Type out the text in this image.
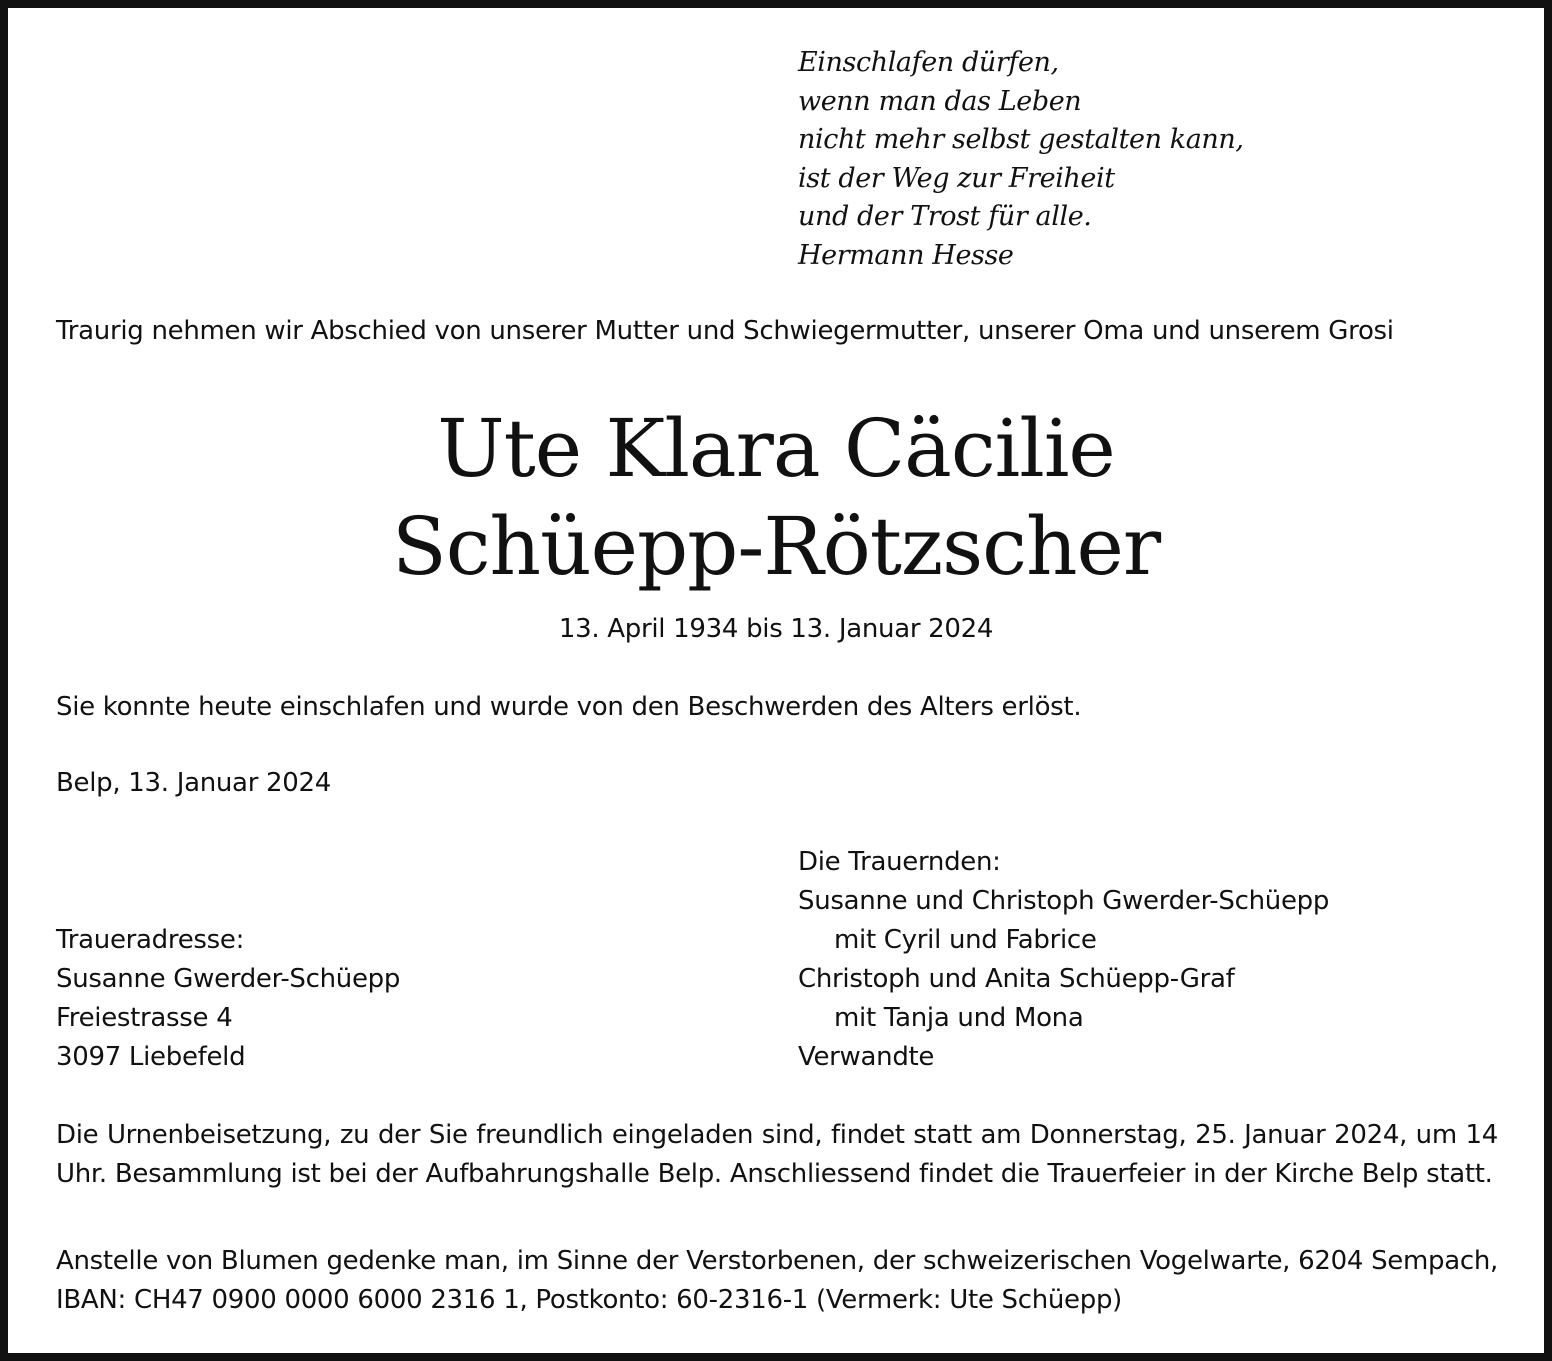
Einschlafen dürfen,
wenn man das Leben
nicht mehr selbst gestalten kann,
ist der Weg zur Freiheit
und der Trost für alle.
Hermann Hesse
Traurig nehmen wir Abschied von unserer Mutter und Schwiegermutter, unserer Oma und unserem Grosi
Ute Klara Cäcilie
Schüepp-Rötzscher
13. April 1934 bis 13. Januar 2024
Sie konnte heute einschlafen und wurde von den Beschwerden des Alters erlöst.
Belp, 13. Januar 2024
Traueradresse:
Susanne Gwerder-Schüepp
Freiestrasse 4
3097 Liebefeld
Die Trauernden:
Susanne und Christoph Gwerder-Schüepp
mit Cyril und Fabrice
Christoph und Anita Schüepp-Graf
mit Tanja und Mona
Verwandte
Die Urnenbeisetzung, zu der Sie freundlich eingeladen sind, findet statt am Donnerstag, 25. Januar 2024, um 14 Uhr. Besammlung ist bei der Aufbahrungshalle Belp. Anschliessend findet die Trauerfeier in der Kirche Belp statt.
Anstelle von Blumen gedenke man, im Sinne der Verstorbenen, der schweizerischen Vogelwarte, 6204 Sempach, IBAN: CH47 0900 0000 6000 2316 1, Postkonto: 60-2316-1 (Vermerk: Ute Schüepp)
